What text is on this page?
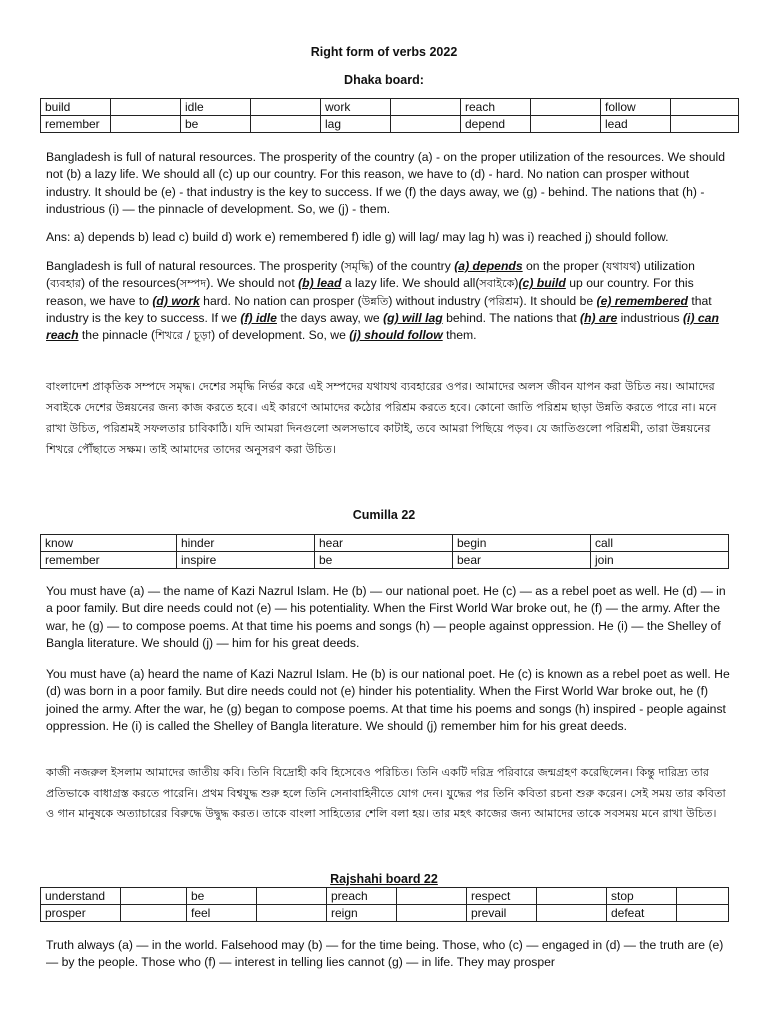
Right form of verbs 2022
Dhaka board:
build		idle		work		reach		follow	
remember		be		lag		depend		lead	

Bangladesh is full of natural resources. The prosperity of the country (a) - on the proper utilization of the resources. We should not (b) a lazy life. We should all (c) up our country. For this reason, we have to (d) - hard. No nation can prosper without industry. It should be (e) - that industry is the key to success. If we (f) the days away, we (g) - behind. The nations that (h) - industrious (i) — the pinnacle of development. So, we (j) - them.

Ans: a) depends b) lead c) build d) work e) remembered f) idle g) will lag/ may lag h) was i) reached j) should follow.

Bangladesh is full of natural resources. The prosperity (সমৃদ্ধি) of the country (a) depends on the proper (যথাযথ) utilization (ব্যবহার) of the resources(সম্পদ). We should not (b) lead a lazy life. We should all(সবাইকে)(c) build up our country. For this reason, we have to (d) work hard. No nation can prosper (উন্নতি) without industry (পরিশ্রম). It should be (e) remembered that industry is the key to success. If we (f) idle the days away, we (g) will lag behind. The nations that (h) are industrious (i) can reach the pinnacle (শিখরে / চূড়া) of development. So, we (j) should follow them.

বাংলাদেশ প্রাকৃতিক সম্পদে সমৃদ্ধ। দেশের সমৃদ্ধি নির্ভর করে এই সম্পদের যথাযথ ব্যবহারের ওপর। আমাদের অলস জীবন যাপন করা উচিত নয়। আমাদের সবাইকে দেশের উন্নয়নের জন্য কাজ করতে হবে। এই কারণে আমাদের কঠোর পরিশ্রম করতে হবে। কোনো জাতি পরিশ্রম ছাড়া উন্নতি করতে পারে না। মনে রাখা উচিত, পরিশ্রমই সফলতার চাবিকাঠি। যদি আমরা দিনগুলো অলসভাবে কাটাই, তবে আমরা পিছিয়ে পড়ব। যে জাতিগুলো পরিশ্রমী, তারা উন্নয়নের শিখরে পৌঁছাতে সক্ষম। তাই আমাদের তাদের অনুসরণ করা উচিত।

Cumilla 22
know	hinder	hear	begin	call
remember	inspire	be	bear	join

You must have (a) — the name of Kazi Nazrul Islam. He (b) — our national poet. He (c) — as a rebel poet as well. He (d) — in a poor family. But dire needs could not (e) — his potentiality. When the First World War broke out, he (f) — the army. After the war, he (g) — to compose poems. At that time his poems and songs (h) — people against oppression. He (i) — the Shelley of Bangla literature. We should (j) — him for his great deeds.

You must have (a) heard the name of Kazi Nazrul Islam. He (b) is our national poet. He (c) is known as a rebel poet as well. He (d) was born in a poor family. But dire needs could not (e) hinder his potentiality. When the First World War broke out, he (f) joined the army. After the war, he (g) began to compose poems. At that time his poems and songs (h) inspired - people against oppression. He (i) is called the Shelley of Bangla literature. We should (j) remember him for his great deeds.

কাজী নজরুল ইসলাম আমাদের জাতীয় কবি। তিনি বিদ্রোহী কবি হিসেবেও পরিচিত। তিনি একটি দরিদ্র পরিবারে জন্মগ্রহণ করেছিলেন। কিন্তু দারিদ্র্য তার প্রতিভাকে বাধাগ্রস্ত করতে পারেনি। প্রথম বিশ্বযুদ্ধ শুরু হলে তিনি সেনাবাহিনীতে যোগ দেন। যুদ্ধের পর তিনি কবিতা রচনা শুরু করেন। সেই সময় তার কবিতা ও গান মানুষকে অত্যাচারের বিরুদ্ধে উদ্বুদ্ধ করত। তাকে বাংলা সাহিত্যের শেলি বলা হয়। তার মহৎ কাজের জন্য আমাদের তাকে সবসময় মনে রাখা উচিত।

Rajshahi board 22
understand		be		preach		respect		stop	
prosper		feel		reign		prevail		defeat	

Truth always (a) — in the world. Falsehood may (b) — for the time being. Those, who (c) — engaged in (d) — the truth are (e) — by the people. Those who (f) — interest in telling lies cannot (g) — in life. They may prosper
